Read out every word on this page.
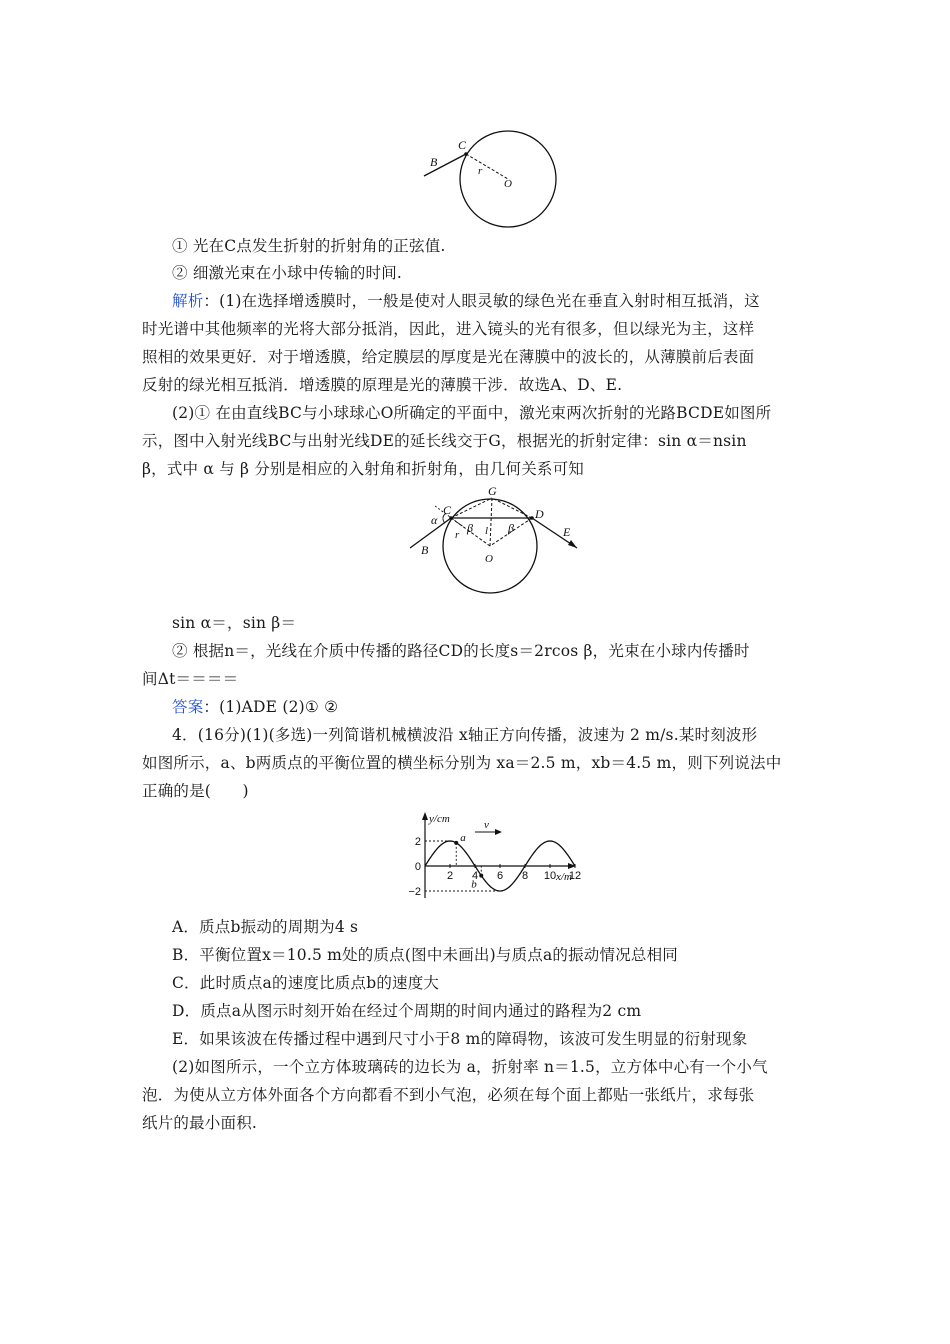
B
C
r
O
① 光在C点发生折射的折射角的正弦值.
② 细激光束在小球中传输的时间.
解析：(1)在选择增透膜时，一般是使对人眼灵敏的绿色光在垂直入射时相互抵消，这
时光谱中其他频率的光将大部分抵消，因此，进入镜头的光有很多，但以绿光为主，这样
照相的效果更好．对于增透膜，给定膜层的厚度是光在薄膜中的波长的，从薄膜前后表面
反射的绿光相互抵消．增透膜的原理是光的薄膜干涉．故选A、D、E.
(2)① 在由直线BC与小球球心O所确定的平面中，激光束两次折射的光路BCDE如图所
示，图中入射光线BC与出射光线DE的延长线交于G，根据光的折射定律：sin α＝nsin
β，式中 α 与 β 分别是相应的入射角和折射角，由几何关系可知
G
C
α	D
E
B
O
r l
β	β
sin α＝，sin β＝
② 根据n＝，光线在介质中传播的路径CD的长度s＝2rcos β，光束在小球内传播时
间Δt＝＝＝＝
答案：(1)ADE (2)① ②
4．(16分)(1)(多选)一列简谐机械横波沿 x轴正方向传播，波速为 2 m/s.某时刻波形
如图所示，a、b两质点的平衡位置的横坐标分别为 xa＝2.5 m，xb＝4.5 m，则下列说法中
正确的是(　　)
y/cm
x/m
v
2
0
−2
2 4 6 8 10 12
a
b
A．质点b振动的周期为4 s
B．平衡位置x＝10.5 m处的质点(图中未画出)与质点a的振动情况总相同
C．此时质点a的速度比质点b的速度大
D．质点a从图示时刻开始在经过个周期的时间内通过的路程为2 cm
E．如果该波在传播过程中遇到尺寸小于8 m的障碍物，该波可发生明显的衍射现象
(2)如图所示，一个立方体玻璃砖的边长为 a，折射率 n＝1.5，立方体中心有一个小气
泡．为使从立方体外面各个方向都看不到小气泡，必须在每个面上都贴一张纸片，求每张
纸片的最小面积.
